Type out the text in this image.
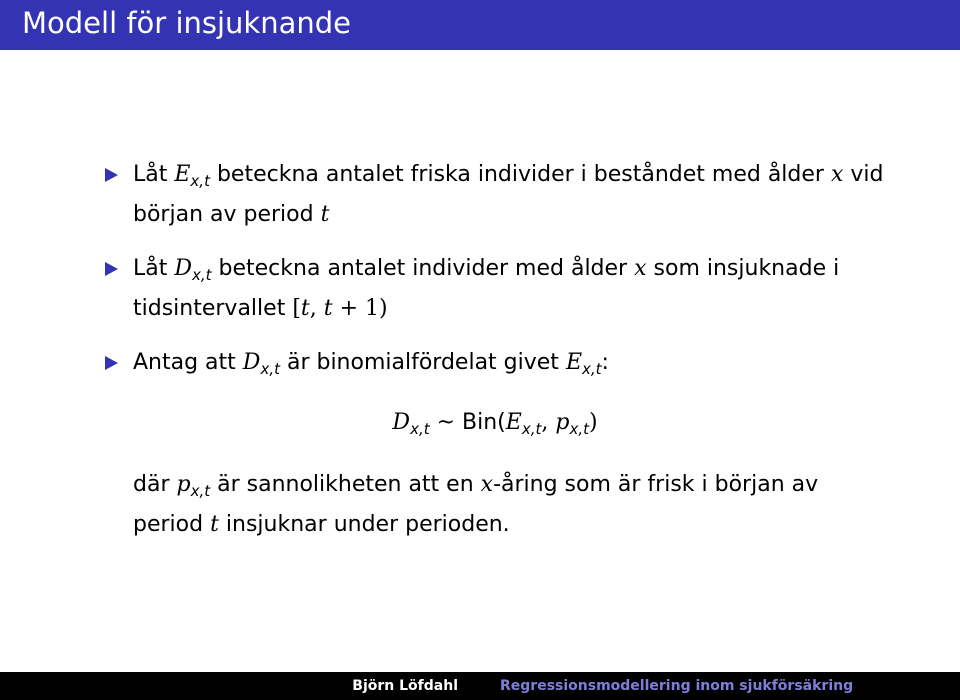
Modell för insjuknande
Låt $E_{x,t}$ beteckna antalet friska individer i beståndet med ålder x vid början av period t
Låt $D_{x,t}$ beteckna antalet individer med ålder x som insjuknade i tidsintervallet [t, t + 1)
Antag att $D_{x,t}$ är binomialfördelat givet $E_{x,t}$:
$D_{x,t}$ ~ $Bin(E_{x,t}$, $p_{x,t}$)
där $p_{x,t}$ är sannolikheten att en x-åring som är frisk i början av period t insjuknar under perioden.
Björn Löfdahl	Regressionsmodellering inom sjukförsäkring
